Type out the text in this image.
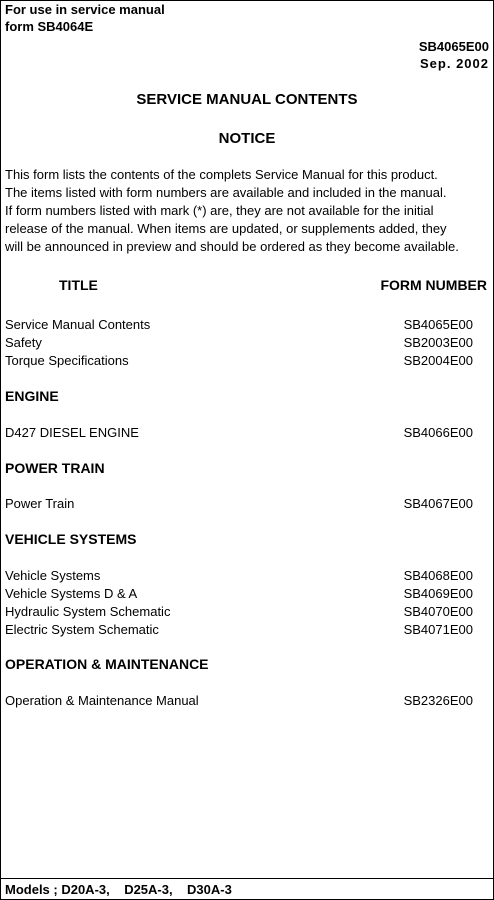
For use in service manual
form SB4064E
SB4065E00
Sep. 2002
SERVICE MANUAL CONTENTS
NOTICE
This form lists the contents of the complets Service Manual for this product.
The items listed with form numbers are available and included in the manual.
If form numbers listed with mark (*) are, they are not available for the initial
release of the manual. When items are updated, or supplements added, they
will be announced in preview and should be ordered as they become available.
TITLE	FORM NUMBER
Service Manual Contents	SB4065E00
Safety	SB2003E00
Torque Specifications	SB2004E00
ENGINE
D427 DIESEL ENGINE	SB4066E00
POWER TRAIN
Power Train	SB4067E00
VEHICLE SYSTEMS
Vehicle Systems	SB4068E00
Vehicle Systems D & A	SB4069E00
Hydraulic System Schematic	SB4070E00
Electric System Schematic	SB4071E00
OPERATION & MAINTENANCE
Operation & Maintenance Manual	SB2326E00
Models ; D20A-3,    D25A-3,    D30A-3
